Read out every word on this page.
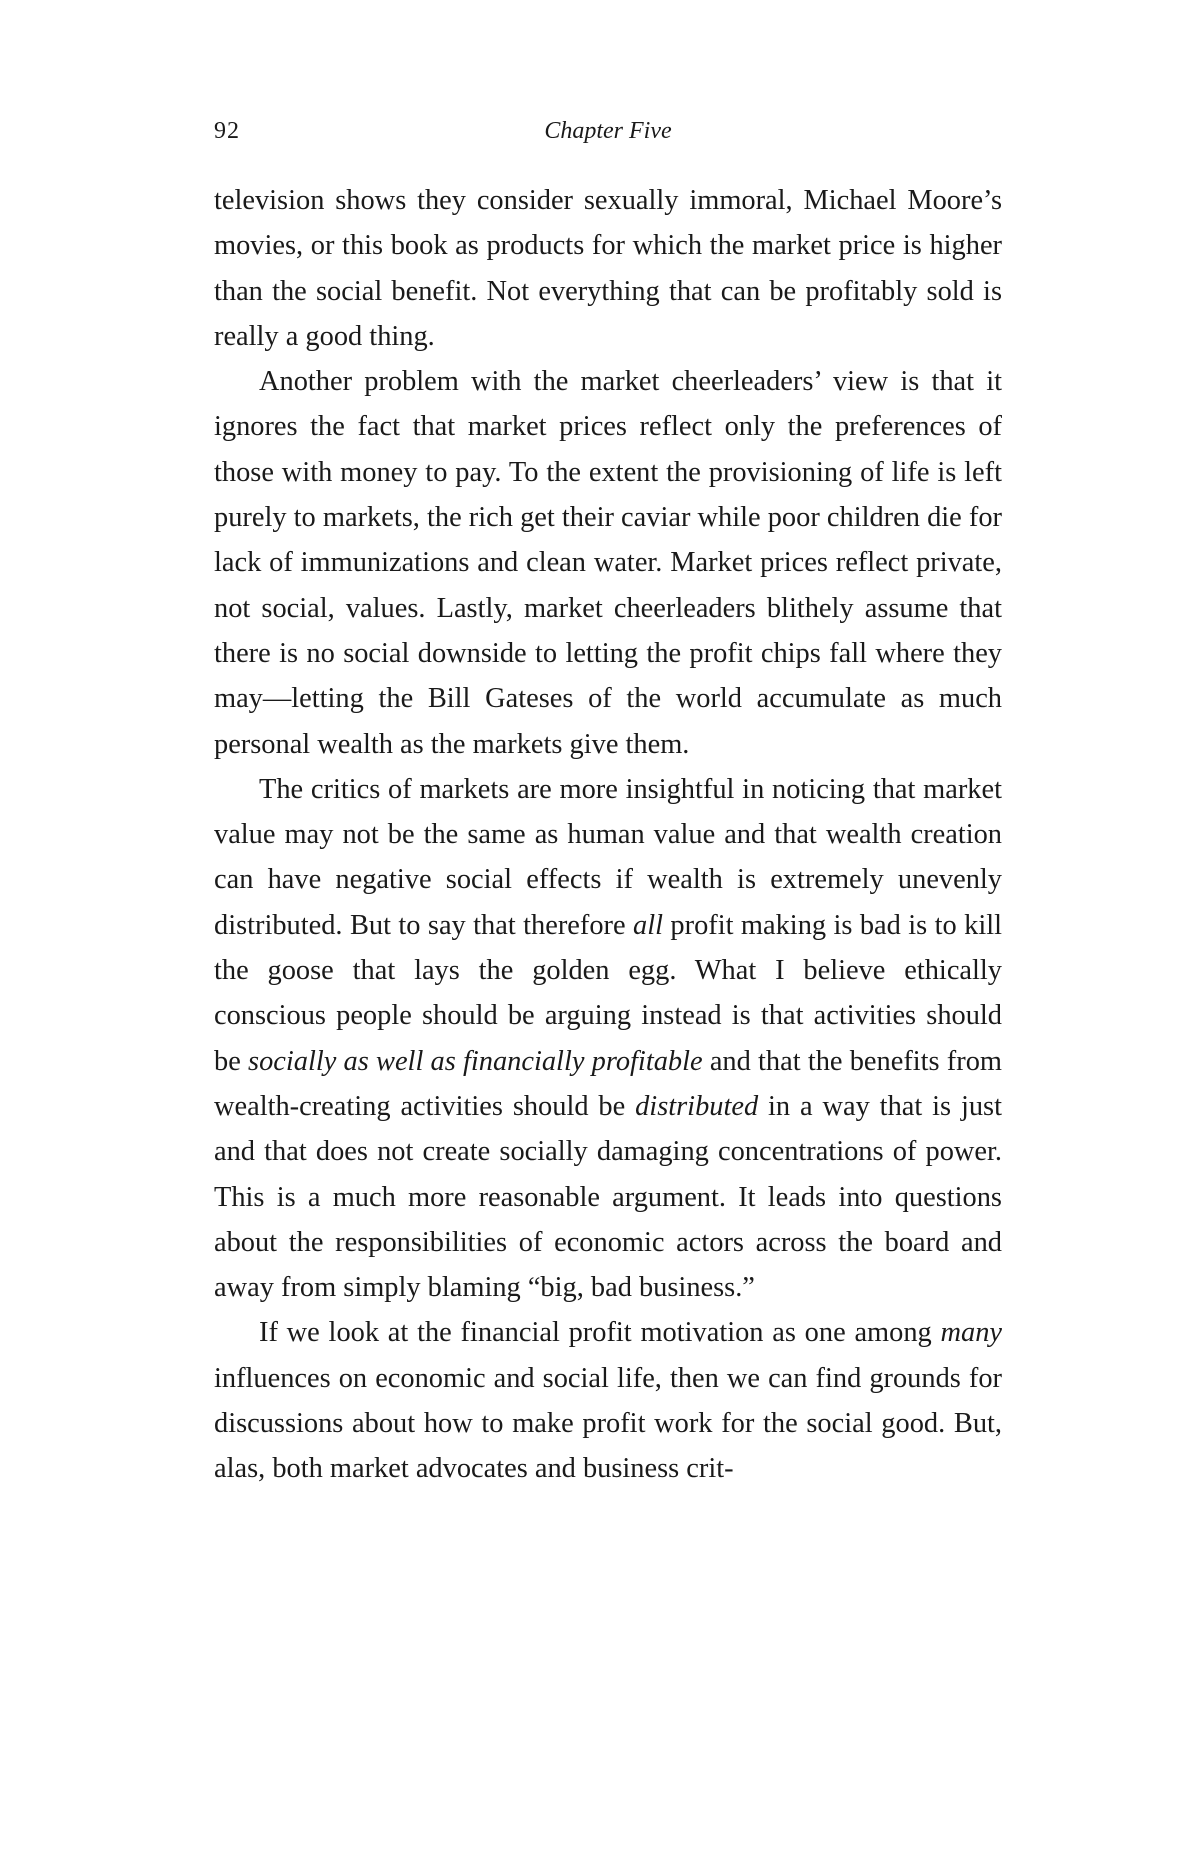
92	Chapter Five

television shows they consider sexually immoral, Michael Moore’s movies, or this book as products for which the market price is higher than the social benefit. Not everything that can be profitably sold is really a good thing.

Another problem with the market cheerleaders’ view is that it ignores the fact that market prices reflect only the preferences of those with money to pay. To the extent the provisioning of life is left purely to markets, the rich get their caviar while poor children die for lack of immunizations and clean water. Market prices reflect private, not social, values. Lastly, market cheerleaders blithely assume that there is no social downside to letting the profit chips fall where they may—letting the Bill Gateses of the world accumulate as much personal wealth as the markets give them.

The critics of markets are more insightful in noticing that market value may not be the same as human value and that wealth creation can have negative social effects if wealth is extremely unevenly distributed. But to say that therefore all profit making is bad is to kill the goose that lays the golden egg. What I believe ethically conscious people should be arguing instead is that activities should be socially as well as financially profitable and that the benefits from wealth-creating activities should be distributed in a way that is just and that does not create socially damaging concentrations of power. This is a much more reasonable argument. It leads into questions about the responsibilities of economic actors across the board and away from simply blaming “big, bad business.”

If we look at the financial profit motivation as one among many influences on economic and social life, then we can find grounds for discussions about how to make profit work for the social good. But, alas, both market advocates and business crit-
